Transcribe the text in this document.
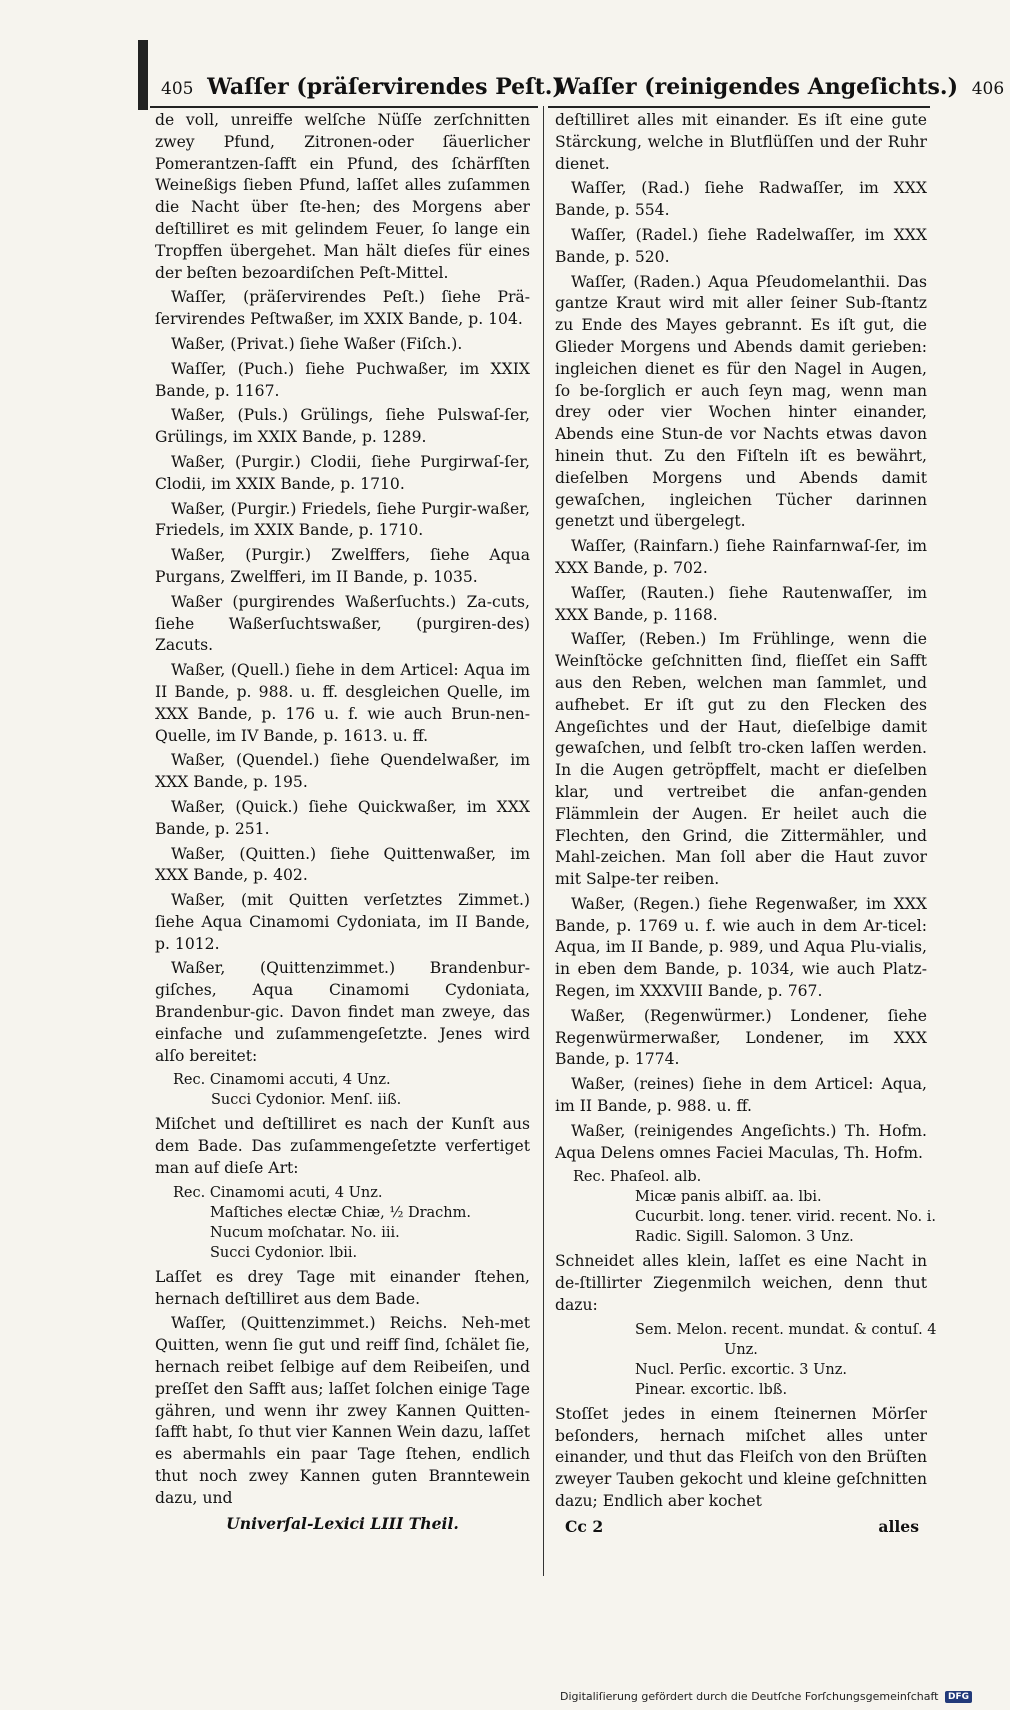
405 Waſſer (präſervirendes Peſt.)
Waſſer (reinigendes Angeſichts.) 406

de voll, unreiffe welſche Nüſſe zerſchnitten zwey Pfund, Zitronen-oder ſäuerlicher Pomerantzen-ſafft ein Pfund, des ſchärfſten Weineßigs ſieben Pfund, laſſet alles zuſammen die Nacht über ſte-hen; des Morgens aber deſtilliret es mit gelindem Feuer, ſo lange ein Tropffen übergehet. Man hält dieſes für eines der beſten bezoardiſchen Peſt-Mittel.

Waſſer, (präſervirendes Peſt.) ſiehe Prä-ſervirendes Peſtwaßer, im XXIX Bande, p. 104.

Waßer, (Privat.) ſiehe Waßer (Fiſch.).

Waſſer, (Puch.) ſiehe Puchwaßer, im XXIX Bande, p. 1167.

Waßer, (Puls.) Grülings, ſiehe Pulswaſ-ſer, Grülings, im XXIX Bande, p. 1289.

Waßer, (Purgir.) Clodii, ſiehe Purgirwaſ-ſer, Clodii, im XXIX Bande, p. 1710.

Waßer, (Purgir.) Friedels, ſiehe Purgir-waßer, Friedels, im XXIX Bande, p. 1710.

Waßer, (Purgir.) Zwelffers, ſiehe Aqua Purgans, Zwelfferi, im II Bande, p. 1035.

Waßer (purgirendes Waßerſuchts.) Za-cuts, ſiehe Waßerſuchtswaßer, (purgiren-des) Zacuts.

Waßer, (Quell.) ſiehe in dem Articel: Aqua im II Bande, p. 988. u. ff. desgleichen Quelle, im XXX Bande, p. 176 u. f. wie auch Brun-nen-Quelle, im IV Bande, p. 1613. u. ff.

Waßer, (Quendel.) ſiehe Quendelwaßer, im XXX Bande, p. 195.

Waßer, (Quick.) ſiehe Quickwaßer, im XXX Bande, p. 251.

Waßer, (Quitten.) ſiehe Quittenwaßer, im XXX Bande, p. 402.

Waßer, (mit Quitten verſetztes Zimmet.) ſiehe Aqua Cinamomi Cydoniata, im II Bande, p. 1012.

Waßer, (Quittenzimmet.) Brandenbur-giſches, Aqua Cinamomi Cydoniata, Brandenbur-gic. Davon findet man zweye, das einfache und zuſammengeſetzte. Jenes wird alſo bereitet:

Rec. Cinamomi accuti, 4 Unz.
Succi Cydonior. Menſ. iiß.

Miſchet und deſtilliret es nach der Kunſt aus dem Bade. Das zuſammengeſetzte verfertiget man auf dieſe Art:

Rec. Cinamomi acuti, 4 Unz.
Maſtiches electæ Chiæ, ½ Drachm.
Nucum moſchatar. No. iii.
Succi Cydonior. lbii.

Laſſet es drey Tage mit einander ſtehen, hernach deſtilliret aus dem Bade.

Waſſer, (Quittenzimmet.) Reichs. Neh-met Quitten, wenn ſie gut und reiff ſind, ſchälet ſie, hernach reibet ſelbige auf dem Reibeiſen, und preſſet den Safft aus; laſſet ſolchen einige Tage gähren, und wenn ihr zwey Kannen Quitten-ſafft habt, ſo thut vier Kannen Wein dazu, laſſet es abermahls ein paar Tage ſtehen, endlich thut noch zwey Kannen guten Branntewein dazu, und

Univerſal-Lexici LIII Theil.

deſtilliret alles mit einander. Es iſt eine gute Stärckung, welche in Blutflüſſen und der Ruhr dienet.

Waſſer, (Rad.) ſiehe Radwaſſer, im XXX Bande, p. 554.

Waſſer, (Radel.) ſiehe Radelwaſſer, im XXX Bande, p. 520.

Waſſer, (Raden.) Aqua Pſeudomelanthii. Das gantze Kraut wird mit aller ſeiner Sub-ſtantz zu Ende des Mayes gebrannt. Es iſt gut, die Glieder Morgens und Abends damit gerieben: ingleichen dienet es für den Nagel in Augen, ſo be-ſorglich er auch ſeyn mag, wenn man drey oder vier Wochen hinter einander, Abends eine Stun-de vor Nachts etwas davon hinein thut. Zu den Fiſteln iſt es bewährt, dieſelben Morgens und Abends damit gewaſchen, ingleichen Tücher darinnen genetzt und übergelegt.

Waſſer, (Rainfarn.) ſiehe Rainfarnwaſ-ſer, im XXX Bande, p. 702.

Waſſer, (Rauten.) ſiehe Rautenwaſſer, im XXX Bande, p. 1168.

Waſſer, (Reben.) Im Frühlinge, wenn die Weinſtöcke geſchnitten ſind, flieſſet ein Safft aus den Reben, welchen man ſammlet, und aufhebet. Er iſt gut zu den Flecken des Angeſichtes und der Haut, dieſelbige damit gewaſchen, und ſelbſt tro-cken laſſen werden. In die Augen getröpffelt, macht er dieſelben klar, und vertreibet die anfan-genden Flämmlein der Augen. Er heilet auch die Flechten, den Grind, die Zittermähler, und Mahl-zeichen. Man ſoll aber die Haut zuvor mit Salpe-ter reiben.

Waßer, (Regen.) ſiehe Regenwaßer, im XXX Bande, p. 1769 u. f. wie auch in dem Ar-ticel: Aqua, im II Bande, p. 989, und Aqua Plu-vialis, in eben dem Bande, p. 1034, wie auch Platz-Regen, im XXXVIII Bande, p. 767.

Waßer, (Regenwürmer.) Londener, ſiehe Regenwürmerwaßer, Londener, im XXX Bande, p. 1774.

Waßer, (reines) ſiehe in dem Articel: Aqua, im II Bande, p. 988. u. ff.

Waßer, (reinigendes Angeſichts.) Th. Hofm. Aqua Delens omnes Faciei Maculas, Th. Hofm.

Rec. Phaſeol. alb.
Micæ panis albiſſ. aa. lbi.
Cucurbit. long. tener. virid. recent. No. i.
Radic. Sigill. Salomon. 3 Unz.

Schneidet alles klein, laſſet es eine Nacht in de-ſtillirter Ziegenmilch weichen, denn thut dazu:

Sem. Melon. recent. mundat. & contuſ. 4
Unz.
Nucl. Perſic. excortic. 3 Unz.
Pinear. excortic. lbß.

Stoſſet jedes in einem ſteinernen Mörſer beſonders, hernach miſchet alles unter einander, und thut das Fleiſch von den Brüſten zweyer Tauben gekocht und kleine geſchnitten dazu; Endlich aber kochet

Cc 2	alles
Digitaliſierung gefördert durch die Deutſche Forſchungsgemeinſchaft DFG
